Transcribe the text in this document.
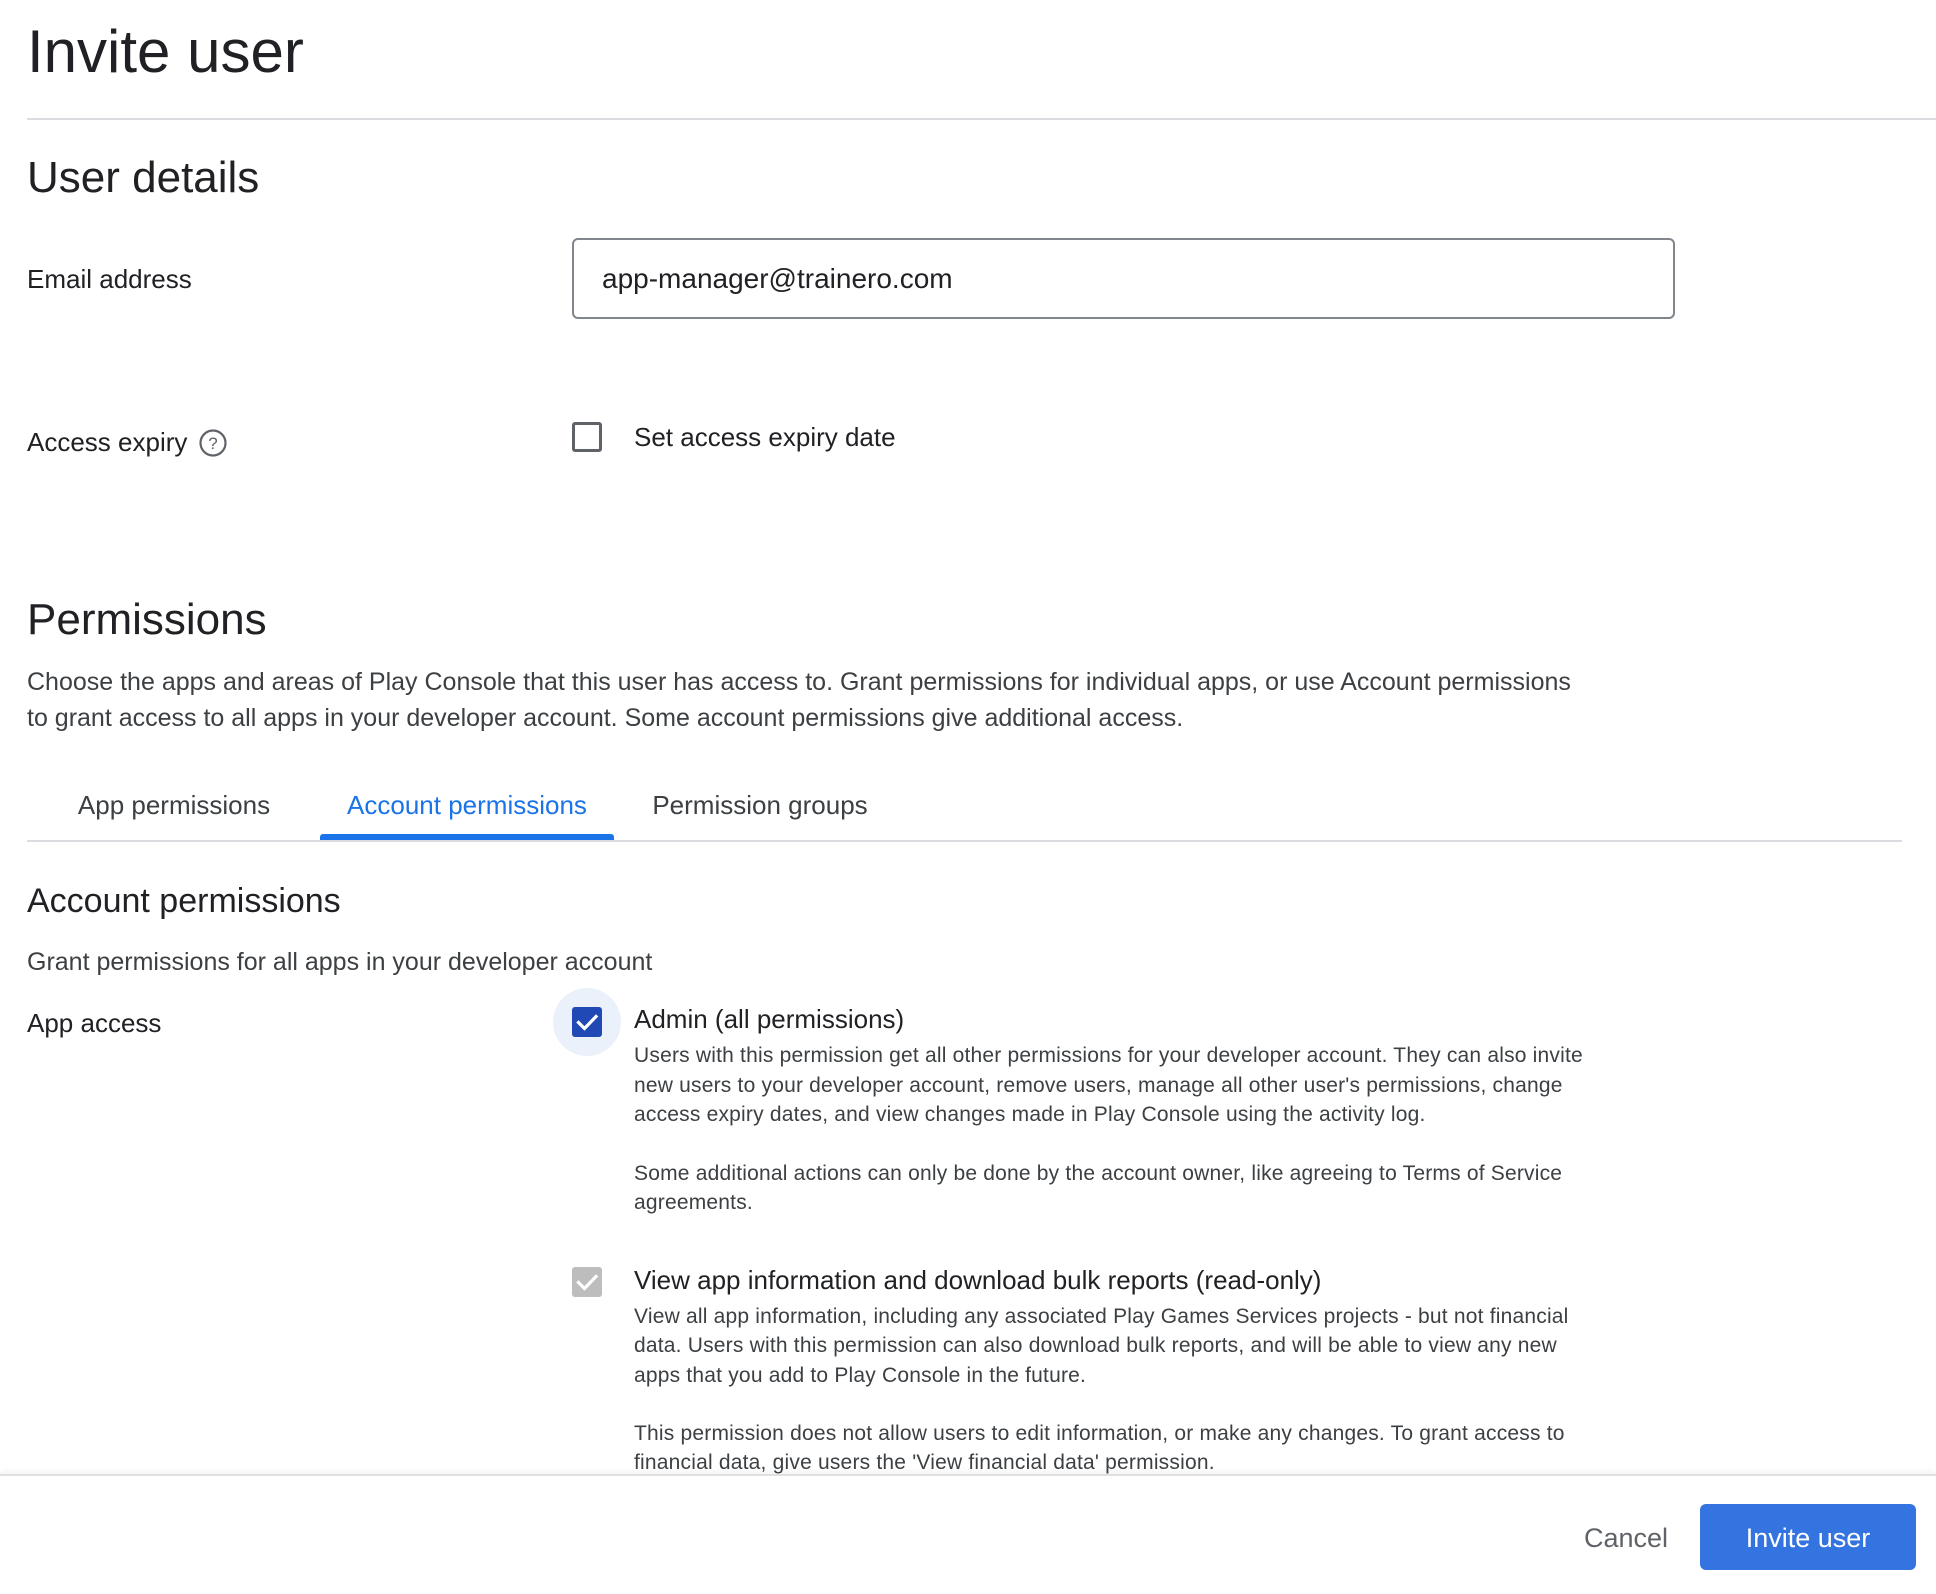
Invite user
User details
Email address
app-manager@trainero.com
Access expiry ?	Set access expiry date
Permissions
Choose the apps and areas of Play Console that this user has access to. Grant permissions for individual apps, or use Account permissions
to grant access to all apps in your developer account. Some account permissions give additional access.
App permissions	Account permissions	Permission groups
Account permissions
Grant permissions for all apps in your developer account
App access	Admin (all permissions)
Users with this permission get all other permissions for your developer account. They can also invite
new users to your developer account, remove users, manage all other user's permissions, change
access expiry dates, and view changes made in Play Console using the activity log.
Some additional actions can only be done by the account owner, like agreeing to Terms of Service
agreements.
View app information and download bulk reports (read-only)
View all app information, including any associated Play Games Services projects - but not financial
data. Users with this permission can also download bulk reports, and will be able to view any new
apps that you add to Play Console in the future.
This permission does not allow users to edit information, or make any changes. To grant access to
financial data, give users the 'View financial data' permission.
Cancel	Invite user
